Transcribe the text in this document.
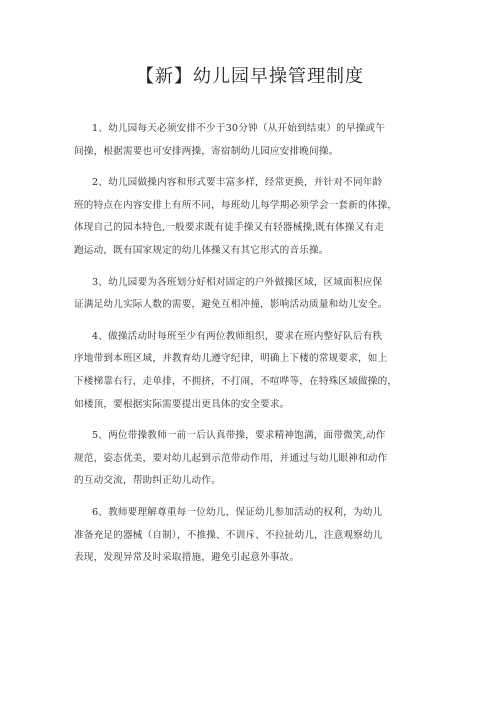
【新】幼儿园早操管理制度

1、幼儿园每天必须安排不少于30分钟（从开始到结束）的早操或午
间操，根据需要也可安排两操，寄宿制幼儿园应安排晚间操。

2、幼儿园做操内容和形式要丰富多样，经常更换，并针对不同年龄
班的特点在内容安排上有所不同，每班幼儿每学期必须学会一套新的体操，
体现自己的园本特色,一般要求既有徒手操又有轻器械操,既有体操又有走
跑运动，既有国家规定的幼儿体操又有其它形式的音乐操。

3、幼儿园要为各班划分好相对固定的户外做操区域，区域面积应保
证满足幼儿实际人数的需要，避免互相冲撞，影响活动质量和幼儿安全。

4、做操活动时每班至少有两位教师组织，要求在班内整好队后有秩
序地带到本班区域，并教育幼儿遵守纪律，明确上下楼的常规要求，如上
下楼梯靠右行，走单排，不拥挤，不打闹，不喧哗等，在特殊区域做操的，
如楼顶，要根据实际需要提出更具体的安全要求。

5、两位带操教师一前一后认真带操，要求精神饱满，面带微笑,动作
规范，姿态优美，要对幼儿起到示范带动作用，并通过与幼儿眼神和动作
的互动交流，帮助纠正幼儿动作。

6、教师要理解尊重每一位幼儿，保证幼儿参加活动的权利，为幼儿
准备充足的器械（自制），不推操、不训斥、不拉扯幼儿，注意观察幼儿
表现，发现异常及时采取措施，避免引起意外事故。
